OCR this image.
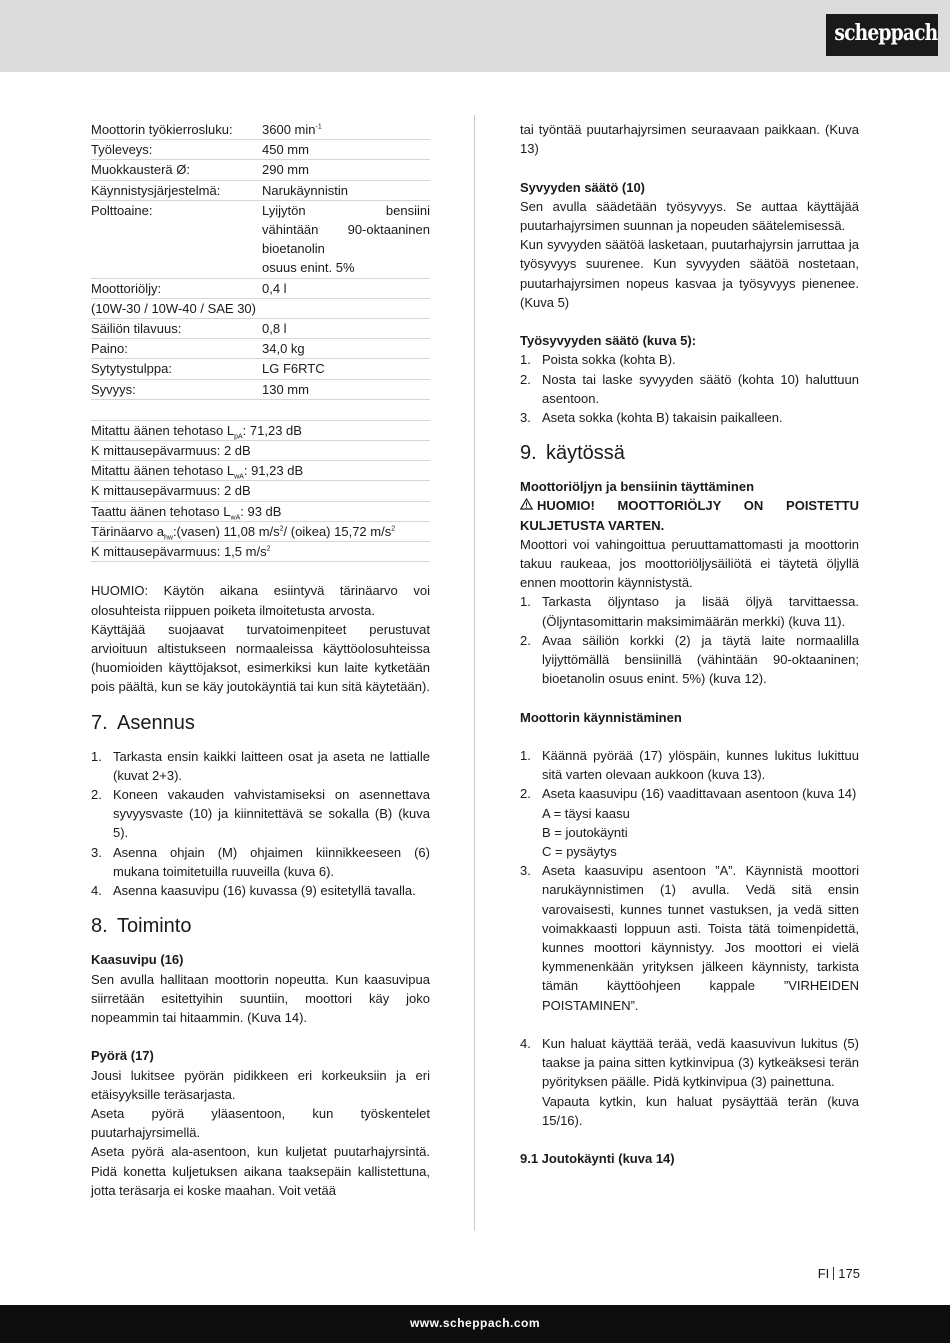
scheppach
Moottorin työkierrosluku:	3600 $\min^{-1}$
Työleveys:	450 mm
Muokkausterä Ø:	290 mm
Käynnistysjärjestelmä:	Narukäynnistin
Polttoaine:	Lyijytön bensiini
vähintään 90-oktaaninen
bioetanolin
osuus enint. 5%
Moottoriöljy:	0,4 l
(10W-30 / 10W-40 / SAE 30)
Säiliön tilavuus:	0,8 l
Paino:	34,0 kg
Sytytystulppa:	LG F6RTC
Syvyys:	130 mm
Mitattu äänen tehotaso $L_{pA}$: 71,23 dB
K mittausepävarmuus: 2 dB
Mitattu äänen tehotaso $L_{wA}$: 91,23 dB
K mittausepävarmuus: 2 dB
Taattu äänen tehotaso $L_{wA}$: 93 dB
Tärinäarvo $a_{hw}:(vasen)$ 11,08 $m/s^2/$ (oikea) 15,72 $m/s^2$
K mittausepävarmuus: 1,5 $m/s^2$

HUOMIO: Käytön aikana esiintyvä tärinäarvo voi olosuhteista riippuen poiketa ilmoitetusta arvosta.

Käyttäjää suojaavat turvatoimenpiteet perustuvat arvioituun altistukseen normaaleissa käyttöolosuhteissa (huomioiden käyttöjaksot, esimerkiksi kun laite kytketään pois päältä, kun se käy joutokäyntiä tai kun sitä käytetään).

7. Asennus
1. Tarkasta ensin kaikki laitteen osat ja aseta ne lattialle (kuvat 2+3).
2. Koneen vakauden vahvistamiseksi on asennettava syvyysvaste (10) ja kiinnitettävä se sokalla (B) (kuva 5).
3. Asenna ohjain (M) ohjaimen kiinnikkeeseen (6) mukana toimitetuilla ruuveilla (kuva 6).
4. Asenna kaasuvipu (16) kuvassa (9) esitetyllä tavalla.
8. Toiminto

Kaasuvipu (16)

Sen avulla hallitaan moottorin nopeutta. Kun kaasuvipua siirretään esitettyihin suuntiin, moottori käy joko nopeammin tai hitaammin. (Kuva 14).

Pyörä (17)

Jousi lukitsee pyörän pidikkeen eri korkeuksiin ja eri etäisyyksille teräsarjasta.

Aseta pyörä yläasentoon, kun työskentelet puutarhajyrsimellä.

Aseta pyörä ala-asentoon, kun kuljetat puutarhajyrsintä. Pidä konetta kuljetuksen aikana taaksepäin kallistettuna, jotta teräsarja ei koske maahan. Voit vetää

tai työntää puutarhajyrsimen seuraavaan paikkaan. (Kuva 13)

Syvyyden säätö (10)

Sen avulla säädetään työsyvyys. Se auttaa käyttäjää puutarhajyrsimen suunnan ja nopeuden säätelemisessä.

Kun syvyyden säätöä lasketaan, puutarhajyrsin jarruttaa ja työsyvyys suurenee. Kun syvyyden säätöä nostetaan, puutarhajyrsimen nopeus kasvaa ja työsyvyys pienenee. (Kuva 5)

Työsyvyyden säätö (kuva 5):

1. Poista sokka (kohta B).
2. Nosta tai laske syvyyden säätö (kohta 10) haluttuun asentoon.
3. Aseta sokka (kohta B) takaisin paikalleen.
9. käytössä

Moottoriöljyn ja bensiinin täyttäminen

HUOMIO! MOOTTORIÖLJY ON POISTETTU KULJETUSTA VARTEN.

Moottori voi vahingoittua peruuttamattomasti ja moottorin takuu raukeaa, jos moottoriöljysäiliötä ei täytetä öljyllä ennen moottorin käynnistystä.

1. Tarkasta öljyntaso ja lisää öljyä tarvittaessa. (Öljyntasomittarin maksimimäärän merkki) (kuva 11).
2. Avaa säiliön korkki (2) ja täytä laite normaalilla lyijyttömällä bensiinillä (vähintään 90-oktaaninen; bioetanolin osuus enint. 5%) (kuva 12).

Moottorin käynnistäminen

1. Käännä pyörää (17) ylöspäin, kunnes lukitus lukittuu sitä varten olevaan aukkoon (kuva 13).
2. Aseta kaasuvipu (16) vaadittavaan asentoon (kuva 14)
A = täysi kaasu
B = joutokäynti
C = pysäytys
3. Aseta kaasuvipu asentoon ”A”. Käynnistä moottori narukäynnistimen (1) avulla. Vedä sitä ensin varovaisesti, kunnes tunnet vastuksen, ja vedä sitten voimakkaasti loppuun asti. Toista tätä toimenpidettä, kunnes moottori käynnistyy. Jos moottori ei vielä kymmenenkään yrityksen jälkeen käynnisty, tarkista tämän käyttöohjeen kappale ”VIRHEIDEN POISTAMINEN”.
4. Kun haluat käyttää terää, vedä kaasuvivun lukitus (5) taakse ja paina sitten kytkinvipua (3) kytkeäksesi terän pyörityksen päälle. Pidä kytkinvipua (3) painettuna.
Vapauta kytkin, kun haluat pysäyttää terän (kuva 15/16).

9.1 Joutokäynti (kuva 14)

FI 175
www.scheppach.com
